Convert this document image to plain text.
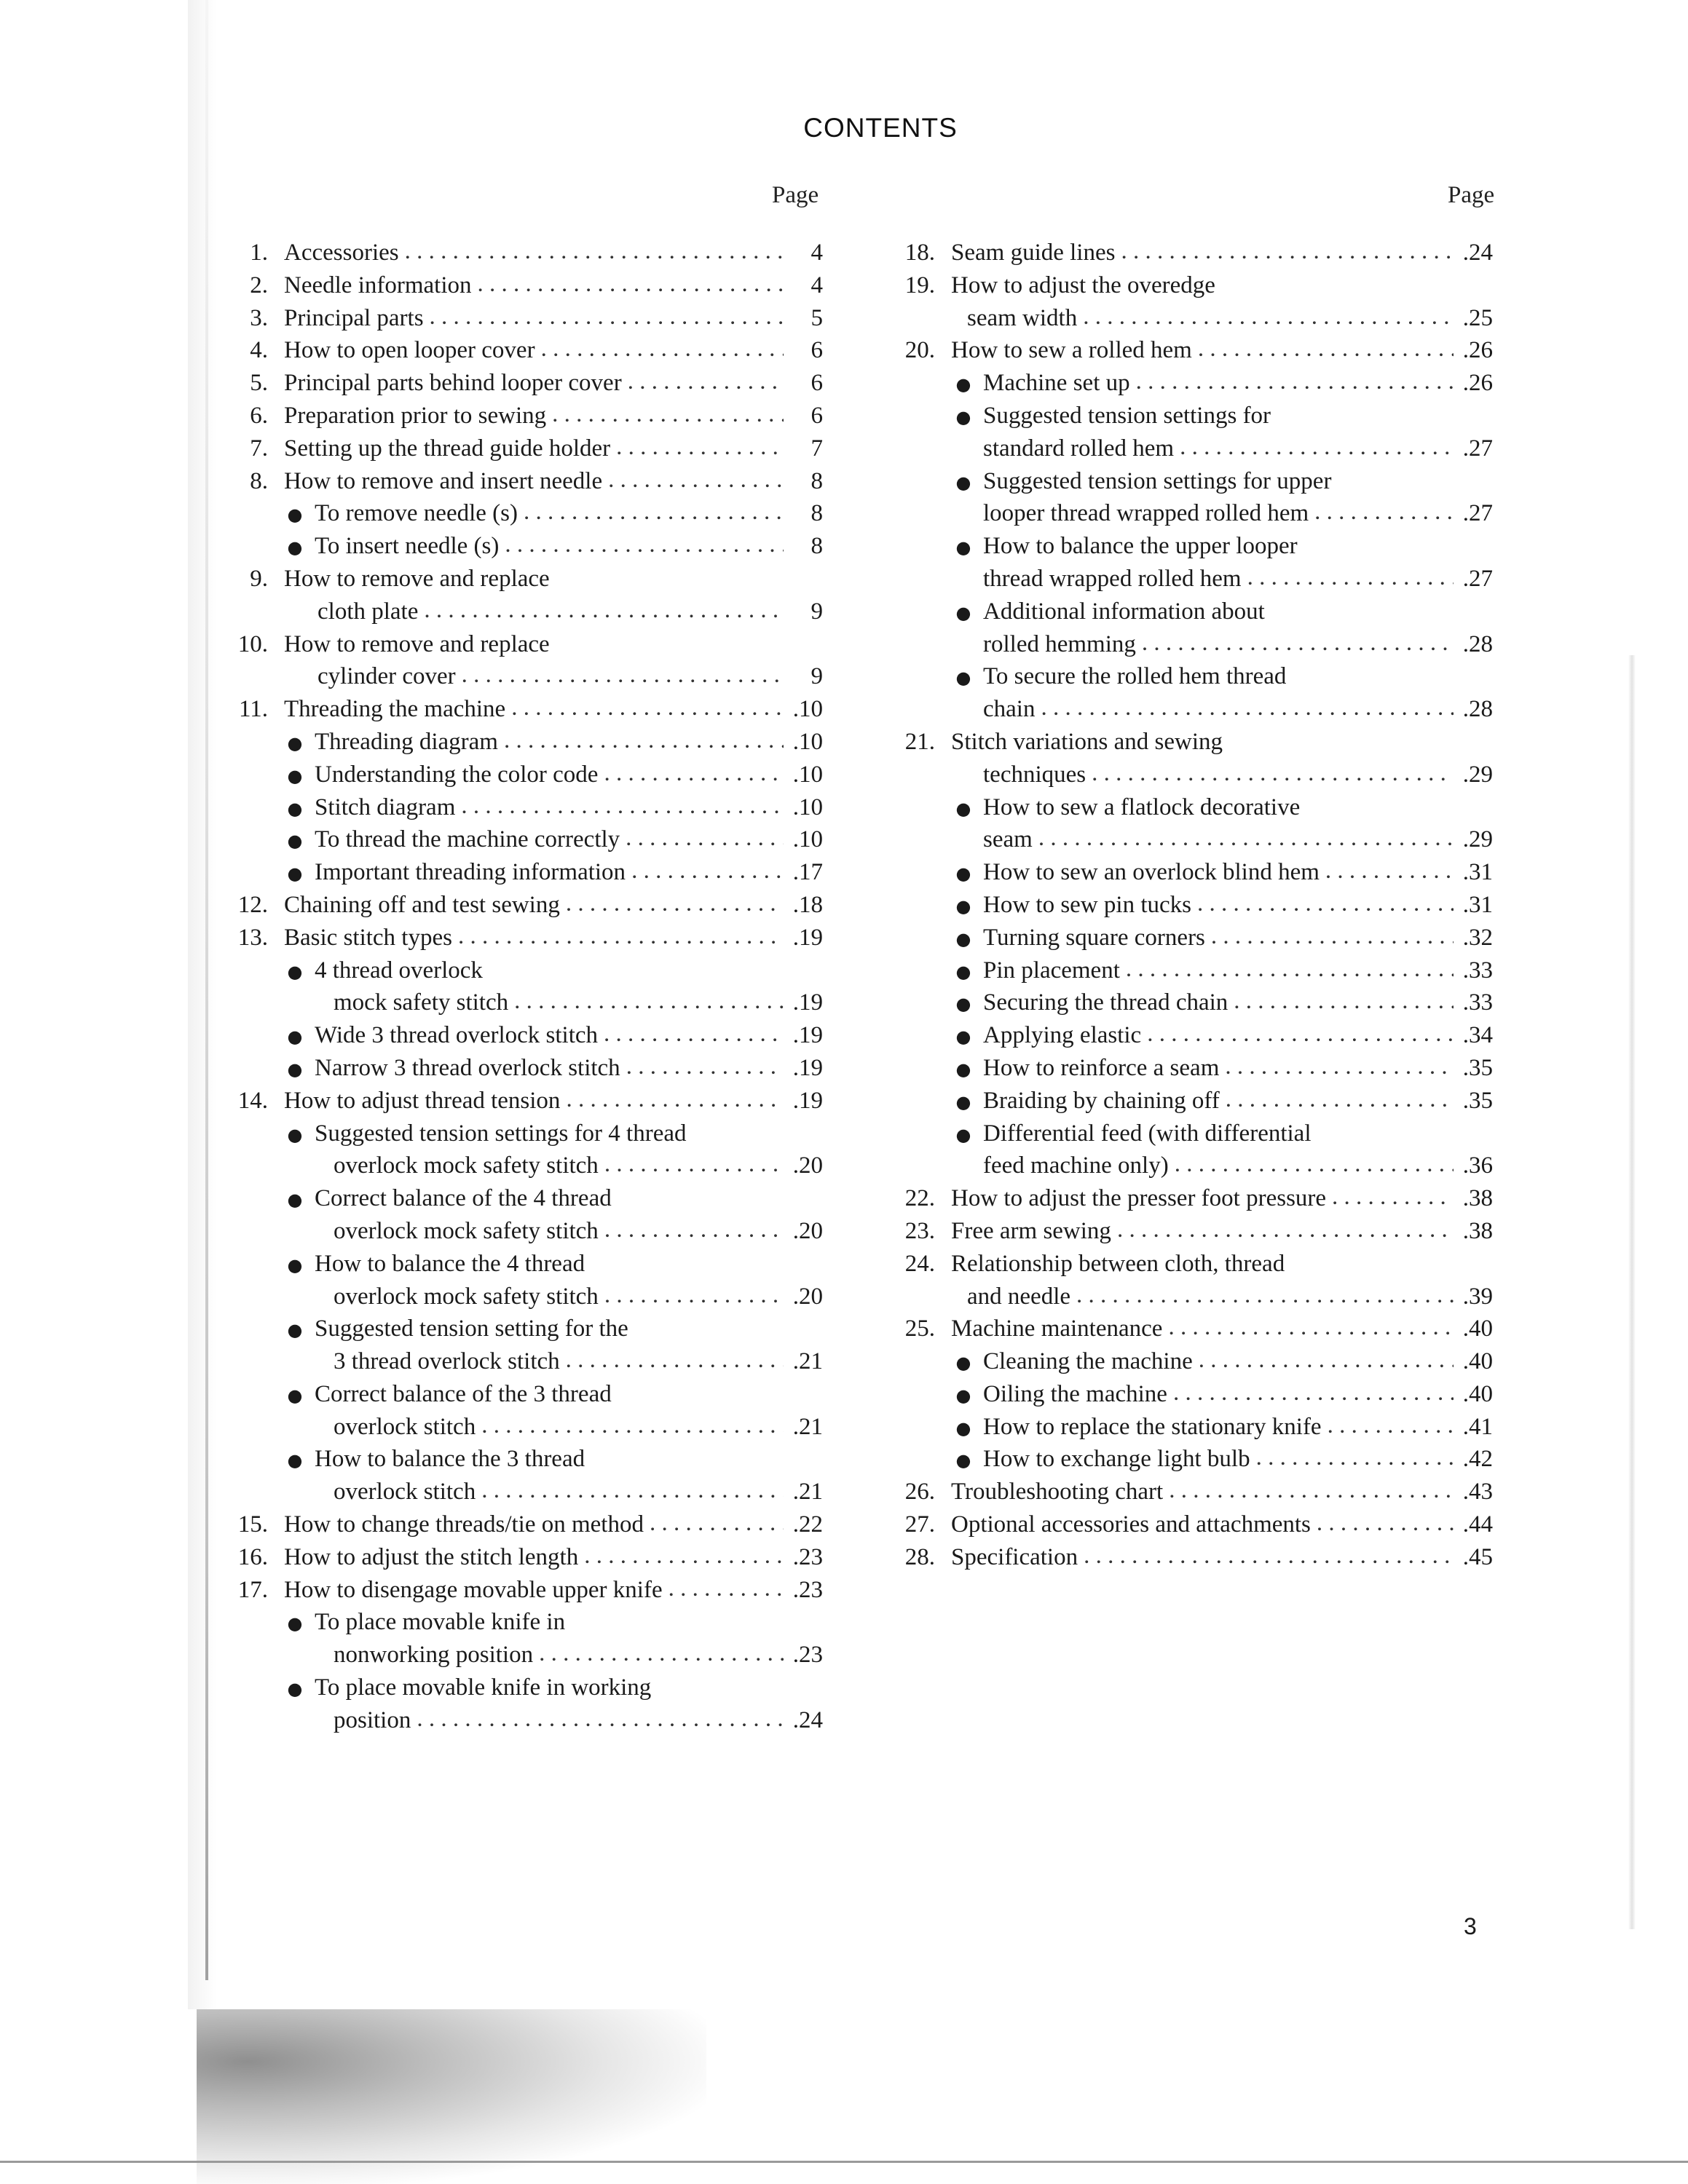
CONTENTS
Page	Page
1. Accessories . . .	4
2. Needle information . . .	4
3. Principal parts . . .	5
4. How to open looper cover . . .	6
5. Principal parts behind looper cover . . .	6
6. Preparation prior to sewing . . .	6
7. Setting up the thread guide holder . . .	7
8. How to remove and insert needle . . .	8
● To remove needle (s) . . .	8
● To insert needle (s) . . .	8
9. How to remove and replace
cloth plate . . .	9
10. How to remove and replace
cylinder cover . . .	9
11. Threading the machine . . .	.10
● Threading diagram . . .	.10
● Understanding the color code . . .	.10
● Stitch diagram . . .	.10
● To thread the machine correctly . . .	.10
● Important threading information . . .	.17
12. Chaining off and test sewing . . .	.18
13. Basic stitch types . . .	.19
● 4 thread overlock
mock safety stitch . . .	.19
● Wide 3 thread overlock stitch . . .	.19
● Narrow 3 thread overlock stitch . . .	.19
14. How to adjust thread tension . . .	.19
● Suggested tension settings for 4 thread
overlock mock safety stitch . . .	.20
● Correct balance of the 4 thread
overlock mock safety stitch . . .	.20
● How to balance the 4 thread
overlock mock safety stitch . . .	.20
● Suggested tension setting for the
3 thread overlock stitch . . .	.21
● Correct balance of the 3 thread
overlock stitch . . .	.21
● How to balance the 3 thread
overlock stitch . . .	.21
15. How to change threads/tie on method . . .	.22
16. How to adjust the stitch length . . .	.23
17. How to disengage movable upper knife . . .	.23
● To place movable knife in
nonworking position . . .	.23
● To place movable knife in working
position . . .	.24
18. Seam guide lines . . .	.24
19. How to adjust the overedge
seam width . . .	.25
20. How to sew a rolled hem . . .	.26
● Machine set up . . .	.26
● Suggested tension settings for
standard rolled hem . . .	.27
● Suggested tension settings for upper
looper thread wrapped rolled hem . . .	.27
● How to balance the upper looper
thread wrapped rolled hem . . .	.27
● Additional information about
rolled hemming . . .	.28
● To secure the rolled hem thread
chain . . .	.28
21. Stitch variations and sewing
techniques . . .	.29
● How to sew a flatlock decorative
seam . . .	.29
● How to sew an overlock blind hem . . .	.31
● How to sew pin tucks . . .	.31
● Turning square corners . . .	.32
● Pin placement . . .	.33
● Securing the thread chain . . .	.33
● Applying elastic . . .	.34
● How to reinforce a seam . . .	.35
● Braiding by chaining off . . .	.35
● Differential feed (with differential
feed machine only) . . .	.36
22. How to adjust the presser foot pressure . . .	.38
23. Free arm sewing . . .	.38
24. Relationship between cloth, thread
and needle . . .	.39
25. Machine maintenance . . .	.40
● Cleaning the machine . . .	.40
● Oiling the machine . . .	.40
● How to replace the stationary knife . . .	.41
● How to exchange light bulb . . .	.42
26. Troubleshooting chart . . .	.43
27. Optional accessories and attachments . . .	.44
28. Specification . . .	.45
3
